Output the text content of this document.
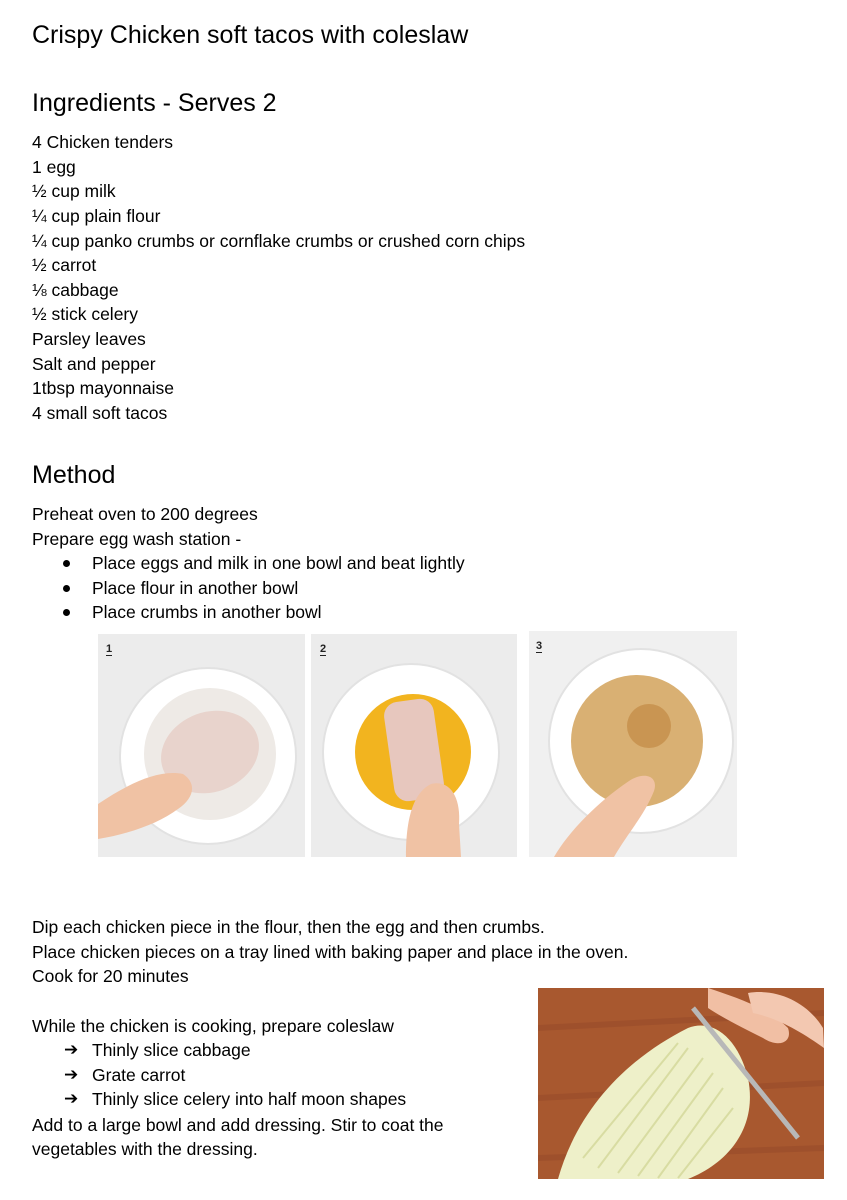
Crispy Chicken soft tacos with coleslaw
Ingredients - Serves 2
4 Chicken tenders
1 egg
½ cup milk
¼ cup plain flour
¼ cup panko crumbs or cornflake crumbs or crushed corn chips
½ carrot
⅛ cabbage
½ stick celery
Parsley leaves
Salt and pepper
1tbsp mayonnaise
4 small soft tacos
Method
Preheat oven to 200 degrees
Prepare egg wash station -
Place eggs and milk in one bowl and beat lightly
Place flour in another bowl
Place crumbs in another bowl
1	2	3
Dip each chicken piece in the flour, then the egg and then crumbs.
Place chicken pieces on a tray lined with baking paper and place in the oven.
Cook for 20 minutes
While the chicken is cooking, prepare coleslaw
➔ Thinly slice cabbage
➔ Grate carrot
➔ Thinly slice celery into half moon shapes
Add to a large bowl and add dressing. Stir to coat the
vegetables with the dressing.
